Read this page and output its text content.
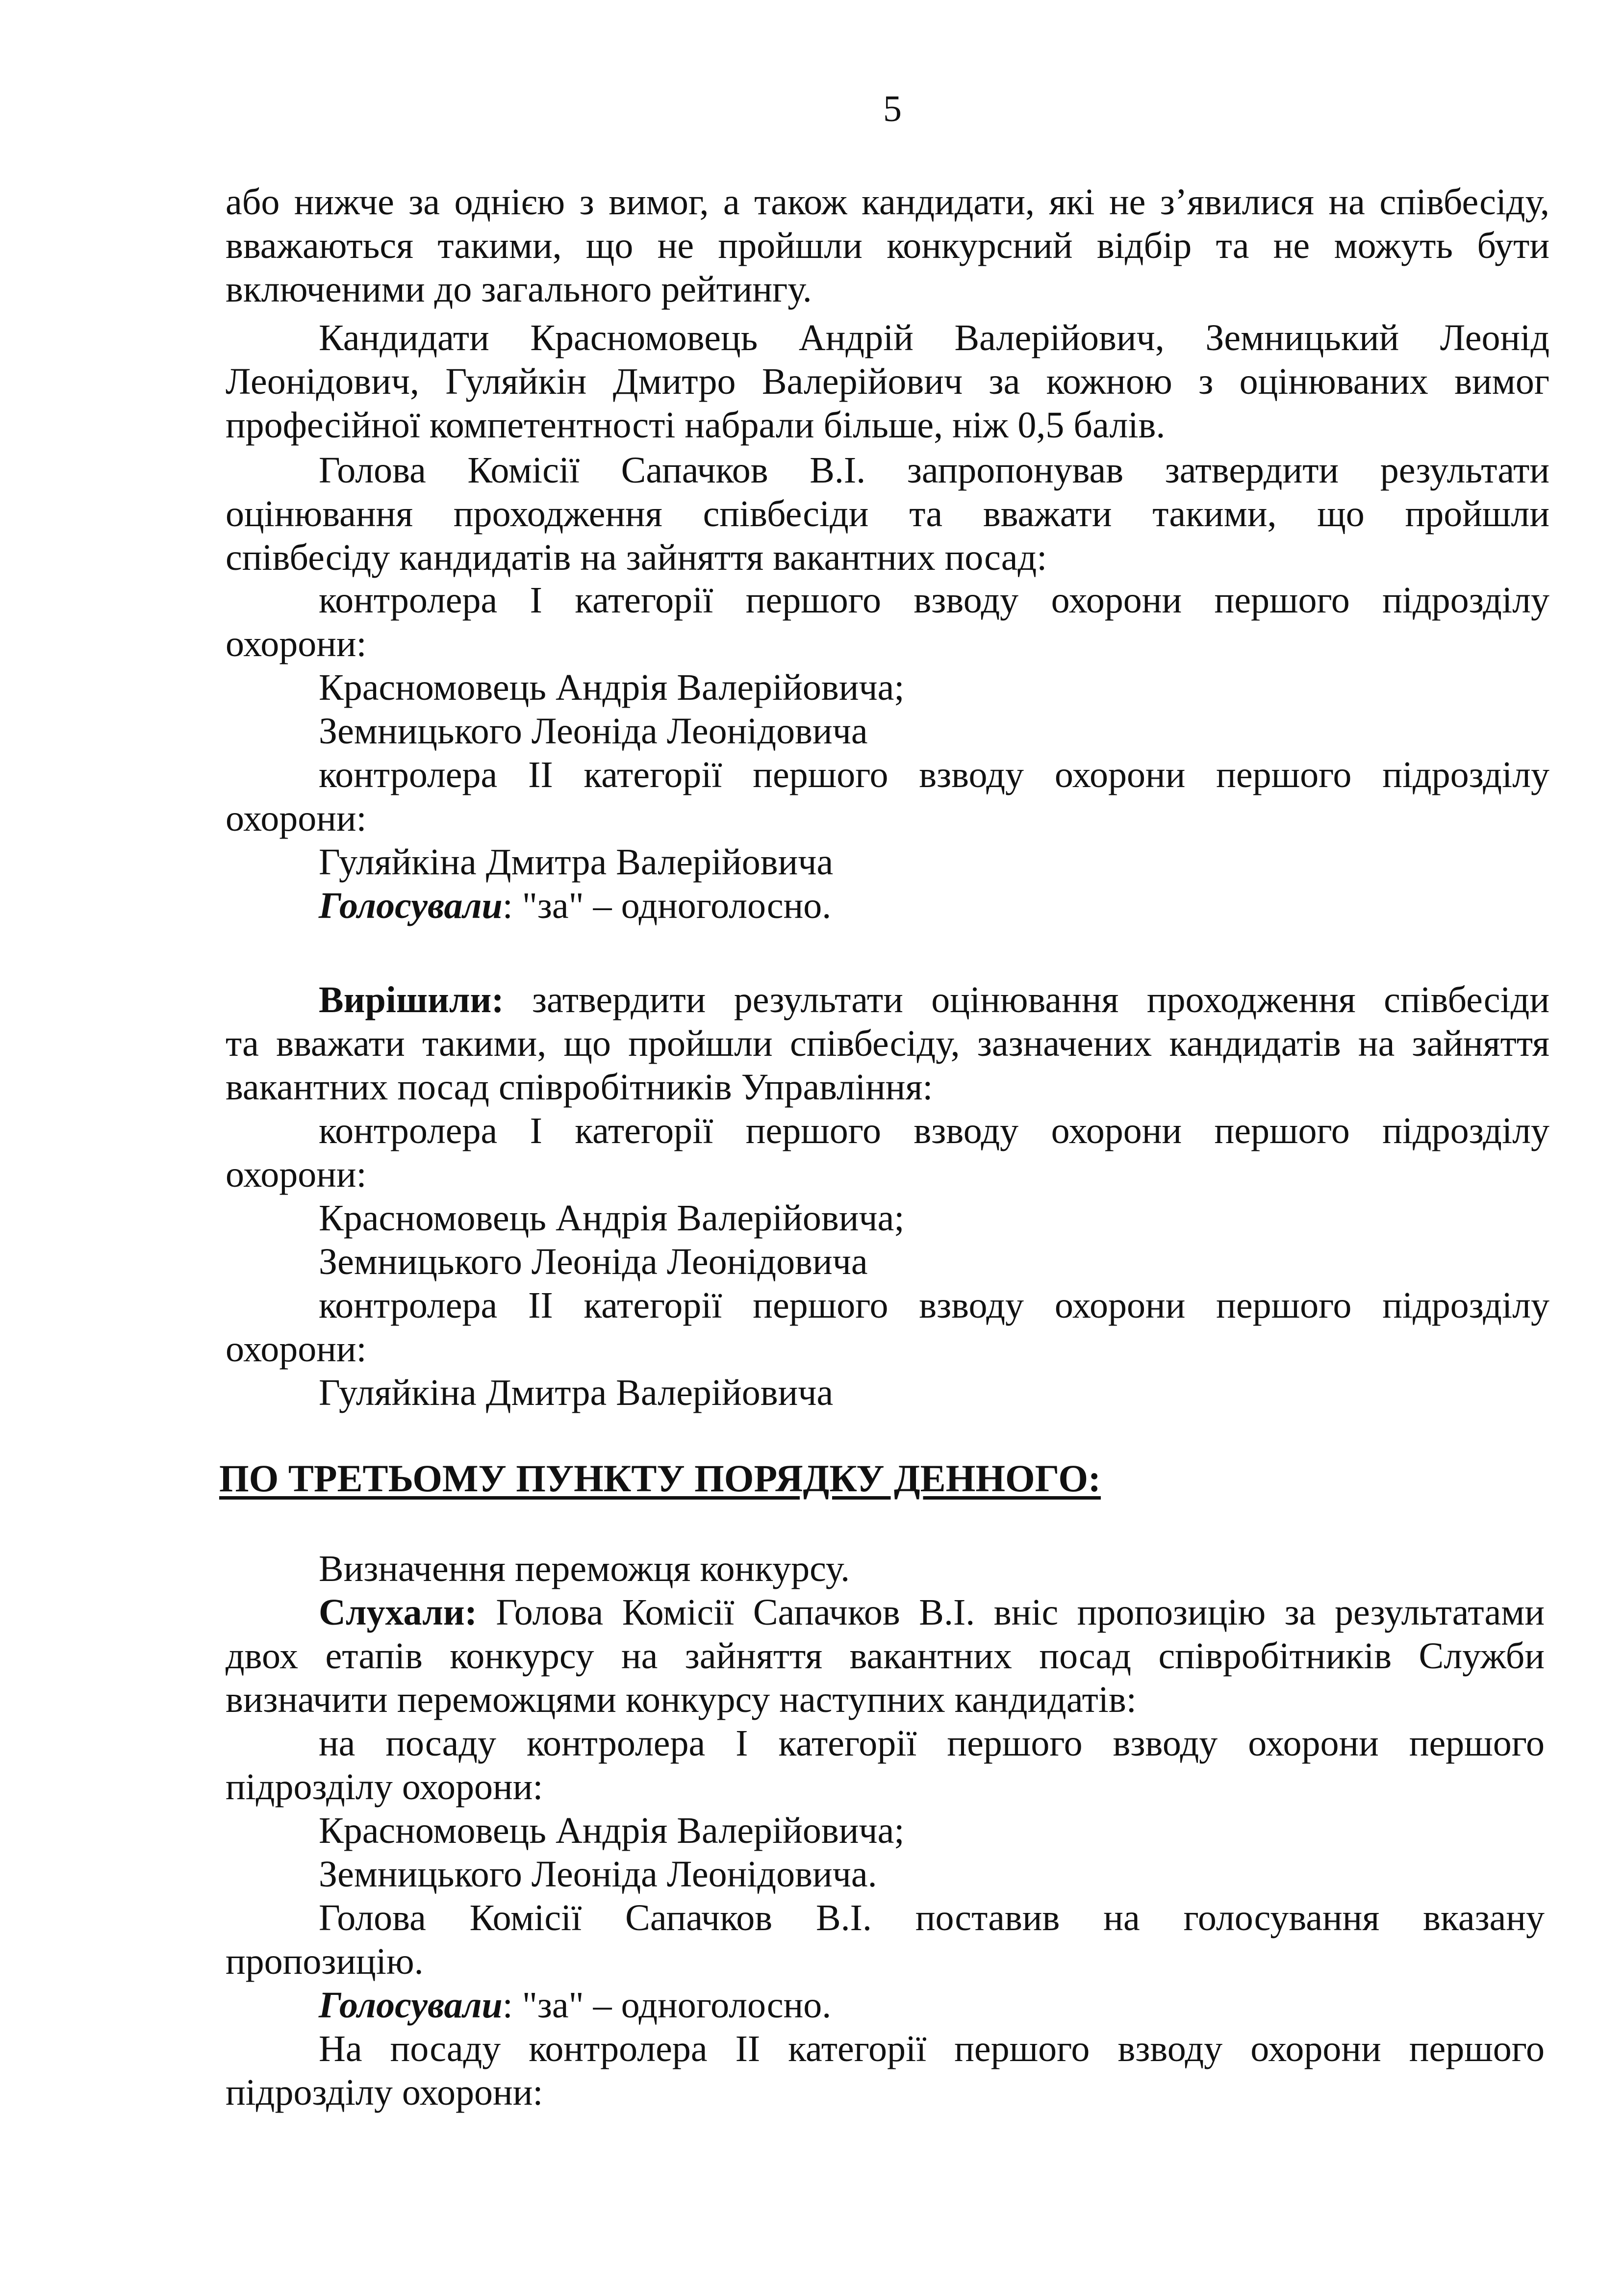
5
або нижче за однією з вимог, а також кандидати, які не з’явилися на співбесіду,
вважаються такими, що не пройшли конкурсний відбір та не можуть бути
включеними до загального рейтингу.
Кандидати Красномовець Андрій Валерійович, Земницький Леонід
Леонідович, Гуляйкін Дмитро Валерійович за кожною з оцінюваних вимог
професійної компетентності набрали більше, ніж 0,5 балів.
Голова Комісії Сапачков В.І. запропонував затвердити результати
оцінювання проходження співбесіди та вважати такими, що пройшли
співбесіду кандидатів на зайняття вакантних посад:
контролера І категорії першого взводу охорони першого підрозділу
охорони:
Красномовець Андрія Валерійовича;
Земницького Леоніда Леонідовича
контролера ІІ категорії першого взводу охорони першого підрозділу
охорони:
Гуляйкіна Дмитра Валерійовича
Голосували: "за" – одноголосно.
Вирішили: затвердити результати оцінювання проходження співбесіди
та вважати такими, що пройшли співбесіду, зазначених кандидатів на зайняття
вакантних посад співробітників Управління:
контролера І категорії першого взводу охорони першого підрозділу
охорони:
Красномовець Андрія Валерійовича;
Земницького Леоніда Леонідовича
контролера ІІ категорії першого взводу охорони першого підрозділу
охорони:
Гуляйкіна Дмитра Валерійовича
ПО ТРЕТЬОМУ ПУНКТУ ПОРЯДКУ ДЕННОГО:
Визначення переможця конкурсу.
Слухали: Голова Комісії Сапачков В.І. вніс пропозицію за результатами
двох етапів конкурсу на зайняття вакантних посад співробітників Служби
визначити переможцями конкурсу наступних кандидатів:
на посаду контролера І категорії першого взводу охорони першого
підрозділу охорони:
Красномовець Андрія Валерійовича;
Земницького Леоніда Леонідовича.
Голова Комісії Сапачков В.І. поставив на голосування вказану
пропозицію.
Голосували: "за" – одноголосно.
На посаду контролера ІІ категорії першого взводу охорони першого
підрозділу охорони:
